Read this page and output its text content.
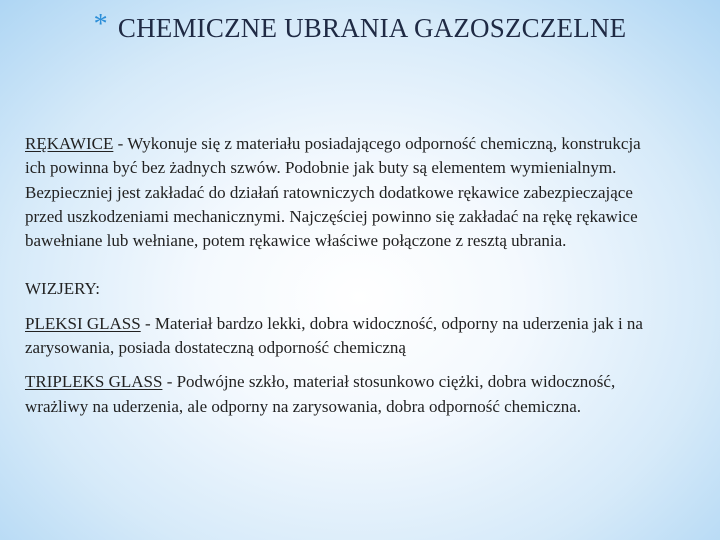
* CHEMICZNE UBRANIA GAZOSZCZELNE

RĘKAWICE - Wykonuje się z materiału posiadającego odporność chemiczną, konstrukcja ich powinna być bez żadnych szwów. Podobnie jak buty są elementem wymienialnym. Bezpieczniej jest zakładać do działań ratowniczych dodatkowe rękawice zabezpieczające przed uszkodzeniami mechanicznymi. Najczęściej powinno się zakładać na rękę rękawice bawełniane lub wełniane, potem rękawice właściwe połączone z resztą ubrania.

WIZJERY:

PLEKSI GLASS - Materiał bardzo lekki, dobra widoczność, odporny na uderzenia jak i na zarysowania, posiada dostateczną odporność chemiczną

TRIPLEKS GLASS - Podwójne szkło, materiał stosunkowo ciężki, dobra widoczność, wrażliwy na uderzenia, ale odporny na zarysowania, dobra odporność chemiczna.
